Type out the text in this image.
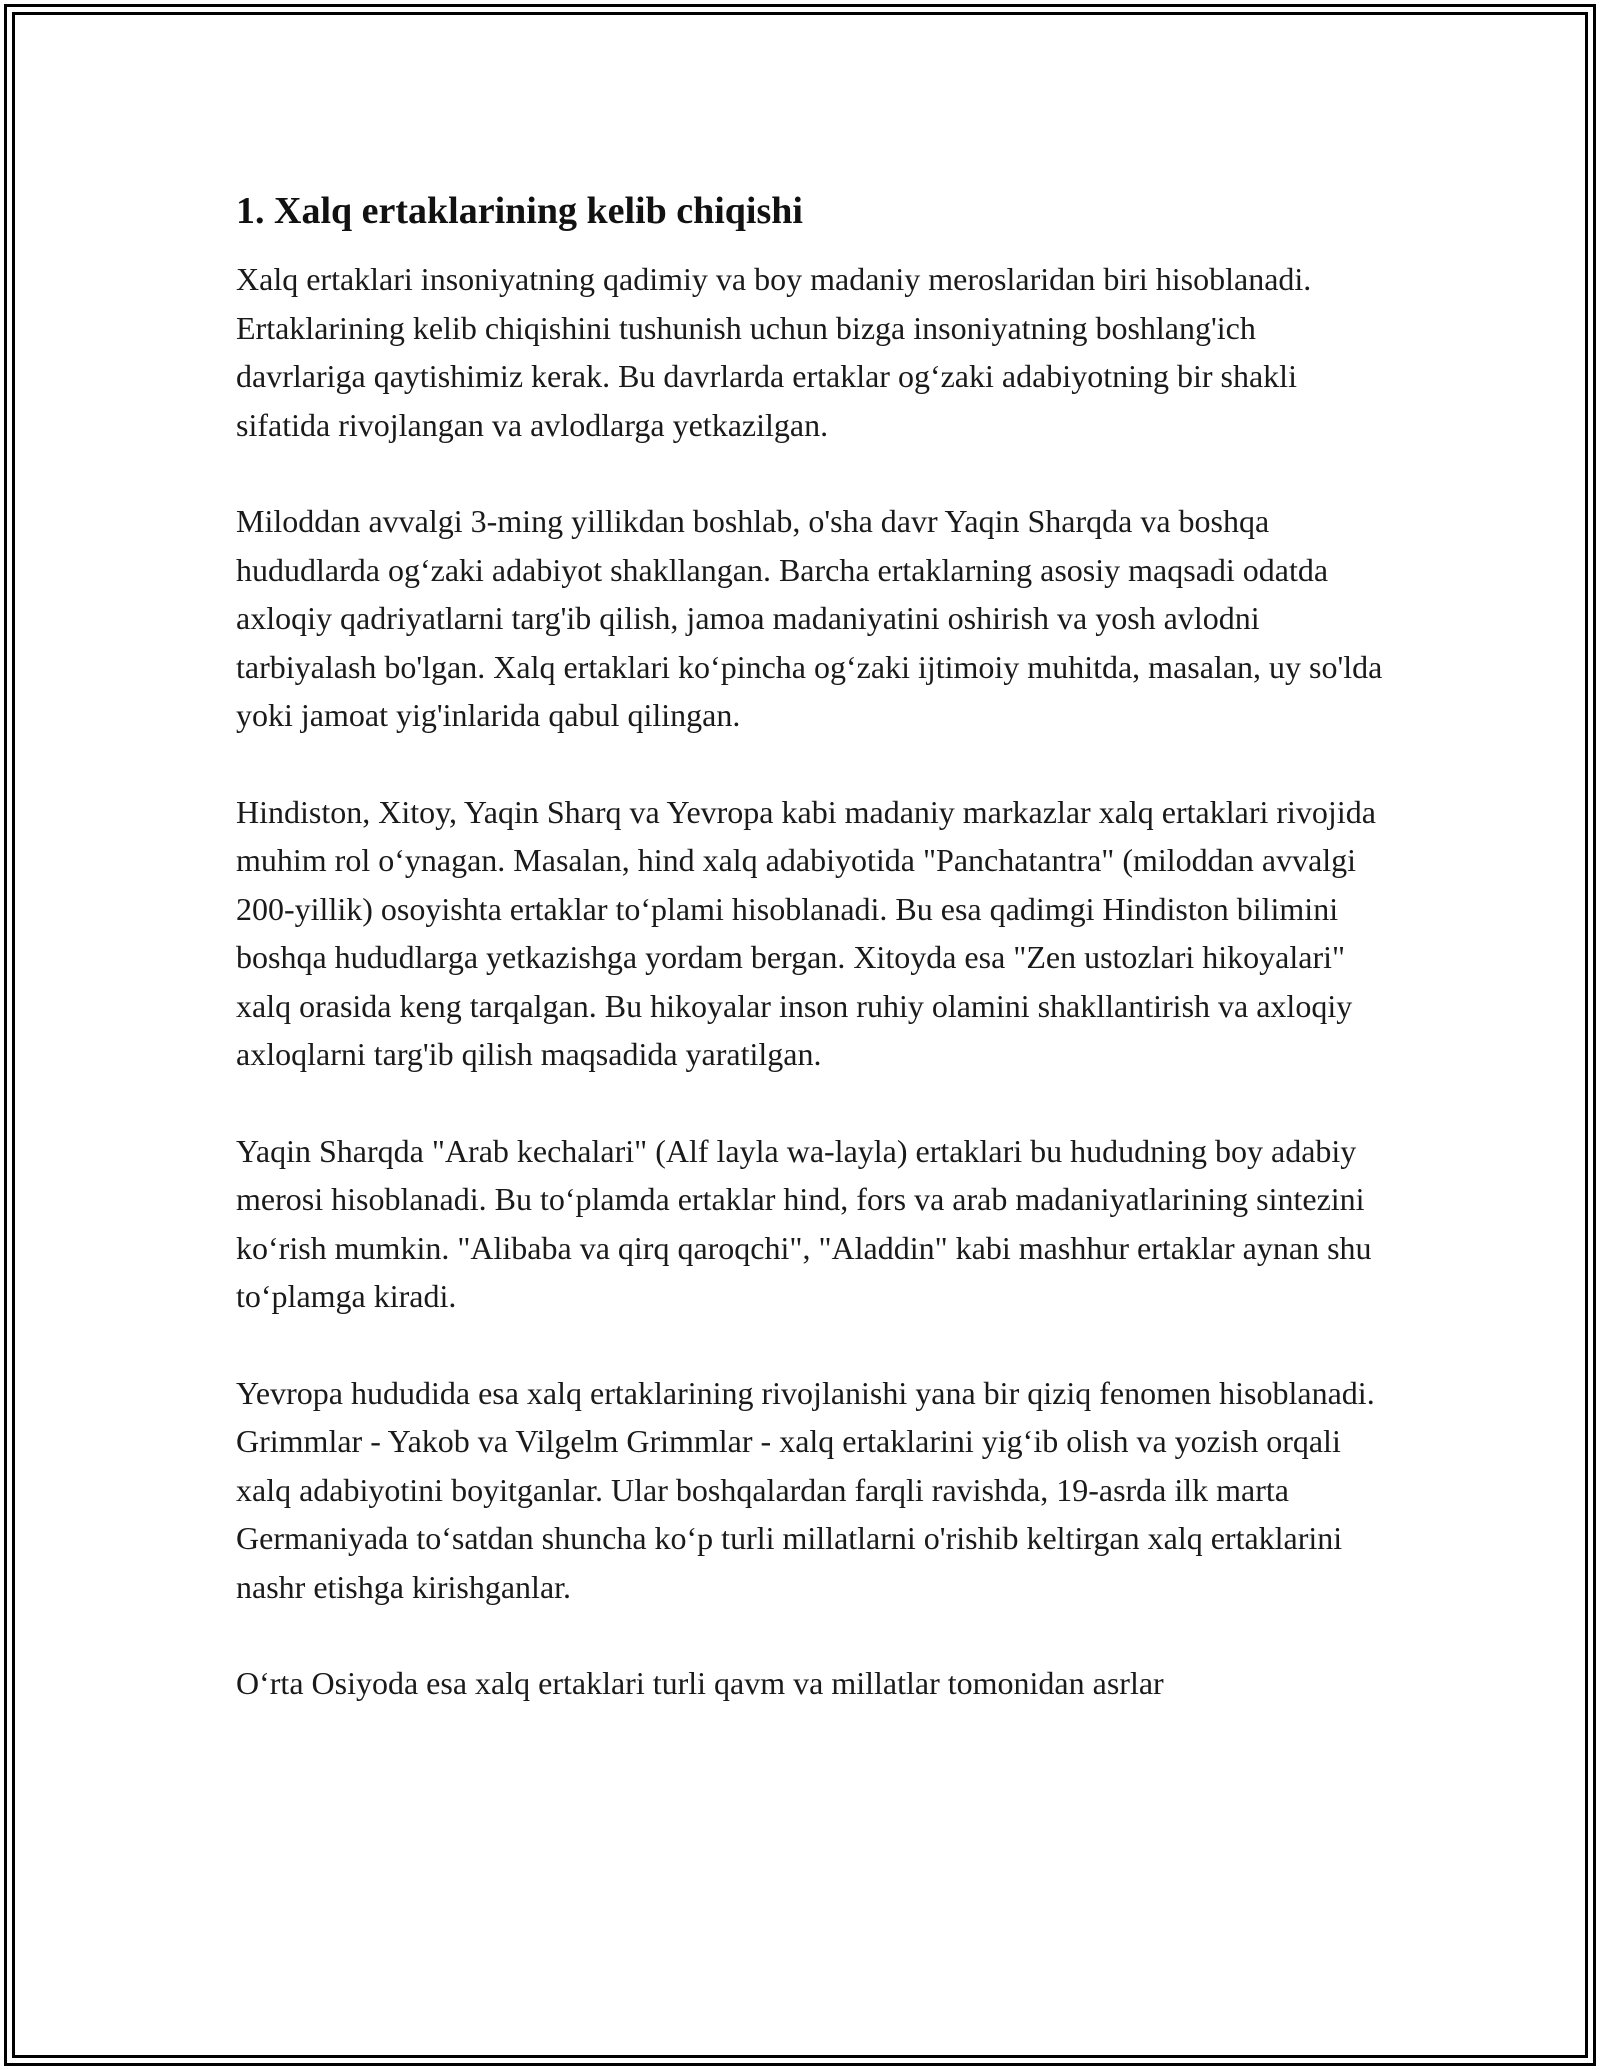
1. Xalq ertaklarining kelib chiqishi

Xalq ertaklari insoniyatning qadimiy va boy madaniy meroslaridan biri hisoblanadi. Ertaklarining kelib chiqishini tushunish uchun bizga insoniyatning boshlang'ich davrlariga qaytishimiz kerak. Bu davrlarda ertaklar og‘zaki adabiyotning bir shakli sifatida rivojlangan va avlodlarga yetkazilgan.

Miloddan avvalgi 3-ming yillikdan boshlab, o'sha davr Yaqin Sharqda va boshqa hududlarda og‘zaki adabiyot shakllangan. Barcha ertaklarning asosiy maqsadi odatda axloqiy qadriyatlarni targ'ib qilish, jamoa madaniyatini oshirish va yosh avlodni tarbiyalash bo'lgan. Xalq ertaklari ko‘pincha og‘zaki ijtimoiy muhitda, masalan, uy so'lda yoki jamoat yig'inlarida qabul qilingan.

Hindiston, Xitoy, Yaqin Sharq va Yevropa kabi madaniy markazlar xalq ertaklari rivojida muhim rol o‘ynagan. Masalan, hind xalq adabiyotida "Panchatantra" (miloddan avvalgi 200-yillik) osoyishta ertaklar to‘plami hisoblanadi. Bu esa qadimgi Hindiston bilimini boshqa hududlarga yetkazishga yordam bergan. Xitoyda esa "Zen ustozlari hikoyalari" xalq orasida keng tarqalgan. Bu hikoyalar inson ruhiy olamini shakllantirish va axloqiy axloqlarni targ'ib qilish maqsadida yaratilgan.

Yaqin Sharqda "Arab kechalari" (Alf layla wa-layla) ertaklari bu hududning boy adabiy merosi hisoblanadi. Bu to‘plamda ertaklar hind, fors va arab madaniyatlarining sintezini ko‘rish mumkin. "Alibaba va qirq qaroqchi", "Aladdin" kabi mashhur ertaklar aynan shu to‘plamga kiradi.

Yevropa hududida esa xalq ertaklarining rivojlanishi yana bir qiziq fenomen hisoblanadi. Grimmlar - Yakob va Vilgelm Grimmlar - xalq ertaklarini yig‘ib olish va yozish orqali xalq adabiyotini boyitganlar. Ular boshqalardan farqli ravishda, 19-asrda ilk marta Germaniyada to‘satdan shuncha ko‘p turli millatlarni o'rishib keltirgan xalq ertaklarini nashr etishga kirishganlar.

O‘rta Osiyoda esa xalq ertaklari turli qavm va millatlar tomonidan asrlar
